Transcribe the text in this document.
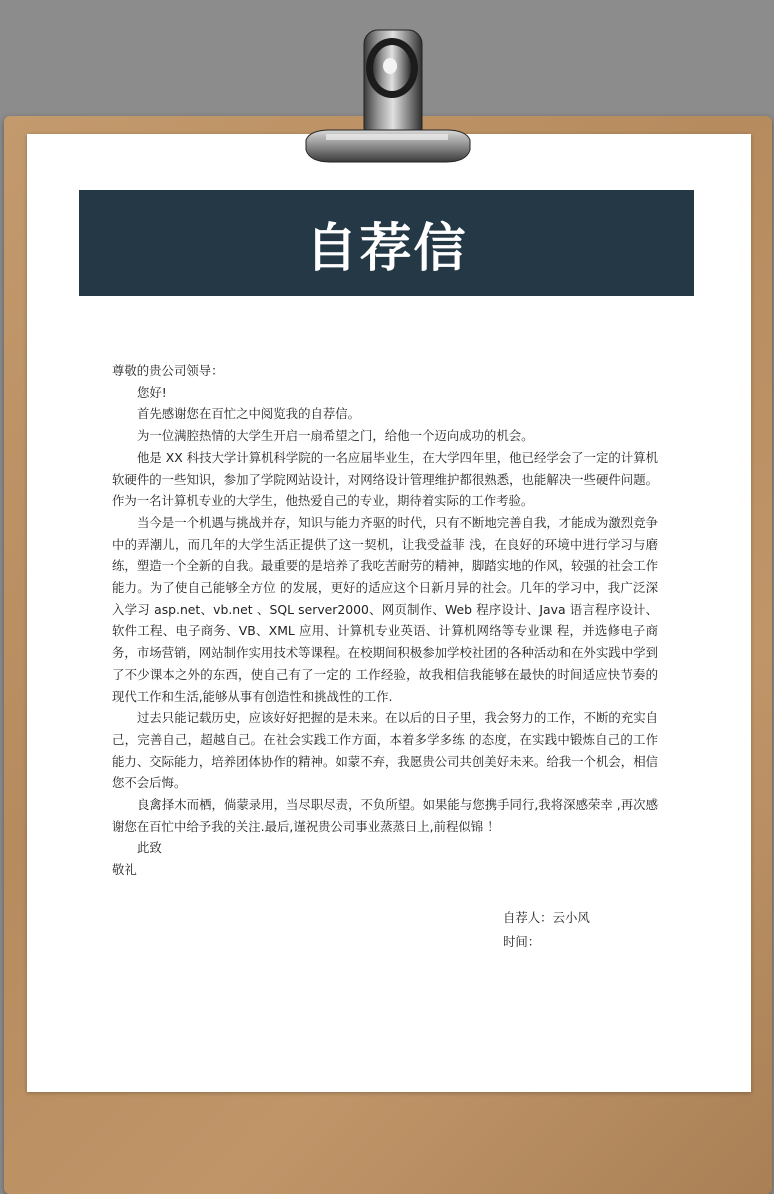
自荐信

尊敬的贵公司领导：

您好!

首先感谢您在百忙之中阅览我的自荐信。

为一位满腔热情的大学生开启一扇希望之门，给他一个迈向成功的机会。

他是 XX 科技大学计算机科学院的一名应届毕业生，在大学四年里，他已经学会了一定的计算机软硬件的一些知识，参加了学院网站设计，对网络设计管理维护都很熟悉，也能解决一些硬件问题。作为一名计算机专业的大学生，他热爱自己的专业，期待着实际的工作考验。

当今是一个机遇与挑战并存，知识与能力齐驱的时代，只有不断地完善自我，才能成为激烈竞争中的弄潮儿，而几年的大学生活正提供了这一契机，让我受益菲 浅，在良好的环境中进行学习与磨练，塑造一个全新的自我。最重要的是培养了我吃苦耐劳的精神，脚踏实地的作风，较强的社会工作能力。为了使自己能够全方位 的发展，更好的适应这个日新月异的社会。几年的学习中，我广泛深入学习 asp.net、vb.net 、SQL server2000、网页制作、Web 程序设计、Java 语言程序设计、软件工程、电子商务、VB、XML 应用、计算机专业英语、计算机网络等专业课 程，并选修电子商务，市场营销，网站制作实用技术等课程。在校期间积极参加学校社团的各种活动和在外实践中学到了不少课本之外的东西，使自己有了一定的 工作经验，故我相信我能够在最快的时间适应快节奏的现代工作和生活,能够从事有创造性和挑战性的工作.

过去只能记载历史，应该好好把握的是未来。在以后的日子里，我会努力的工作，不断的充实自己，完善自己，超越自己。在社会实践工作方面，本着多学多练 的态度，在实践中锻炼自己的工作能力、交际能力，培养团体协作的精神。如蒙不弃，我愿贵公司共创美好未来。给我一个机会，相信您不会后悔。

良禽择木而栖，倘蒙录用，当尽职尽责，不负所望。如果能与您携手同行,我将深感荣幸 ,再次感谢您在百忙中给予我的关注.最后,谨祝贵公司事业蒸蒸日上,前程似锦 ！

此致

敬礼

自荐人：云小风
时间：
